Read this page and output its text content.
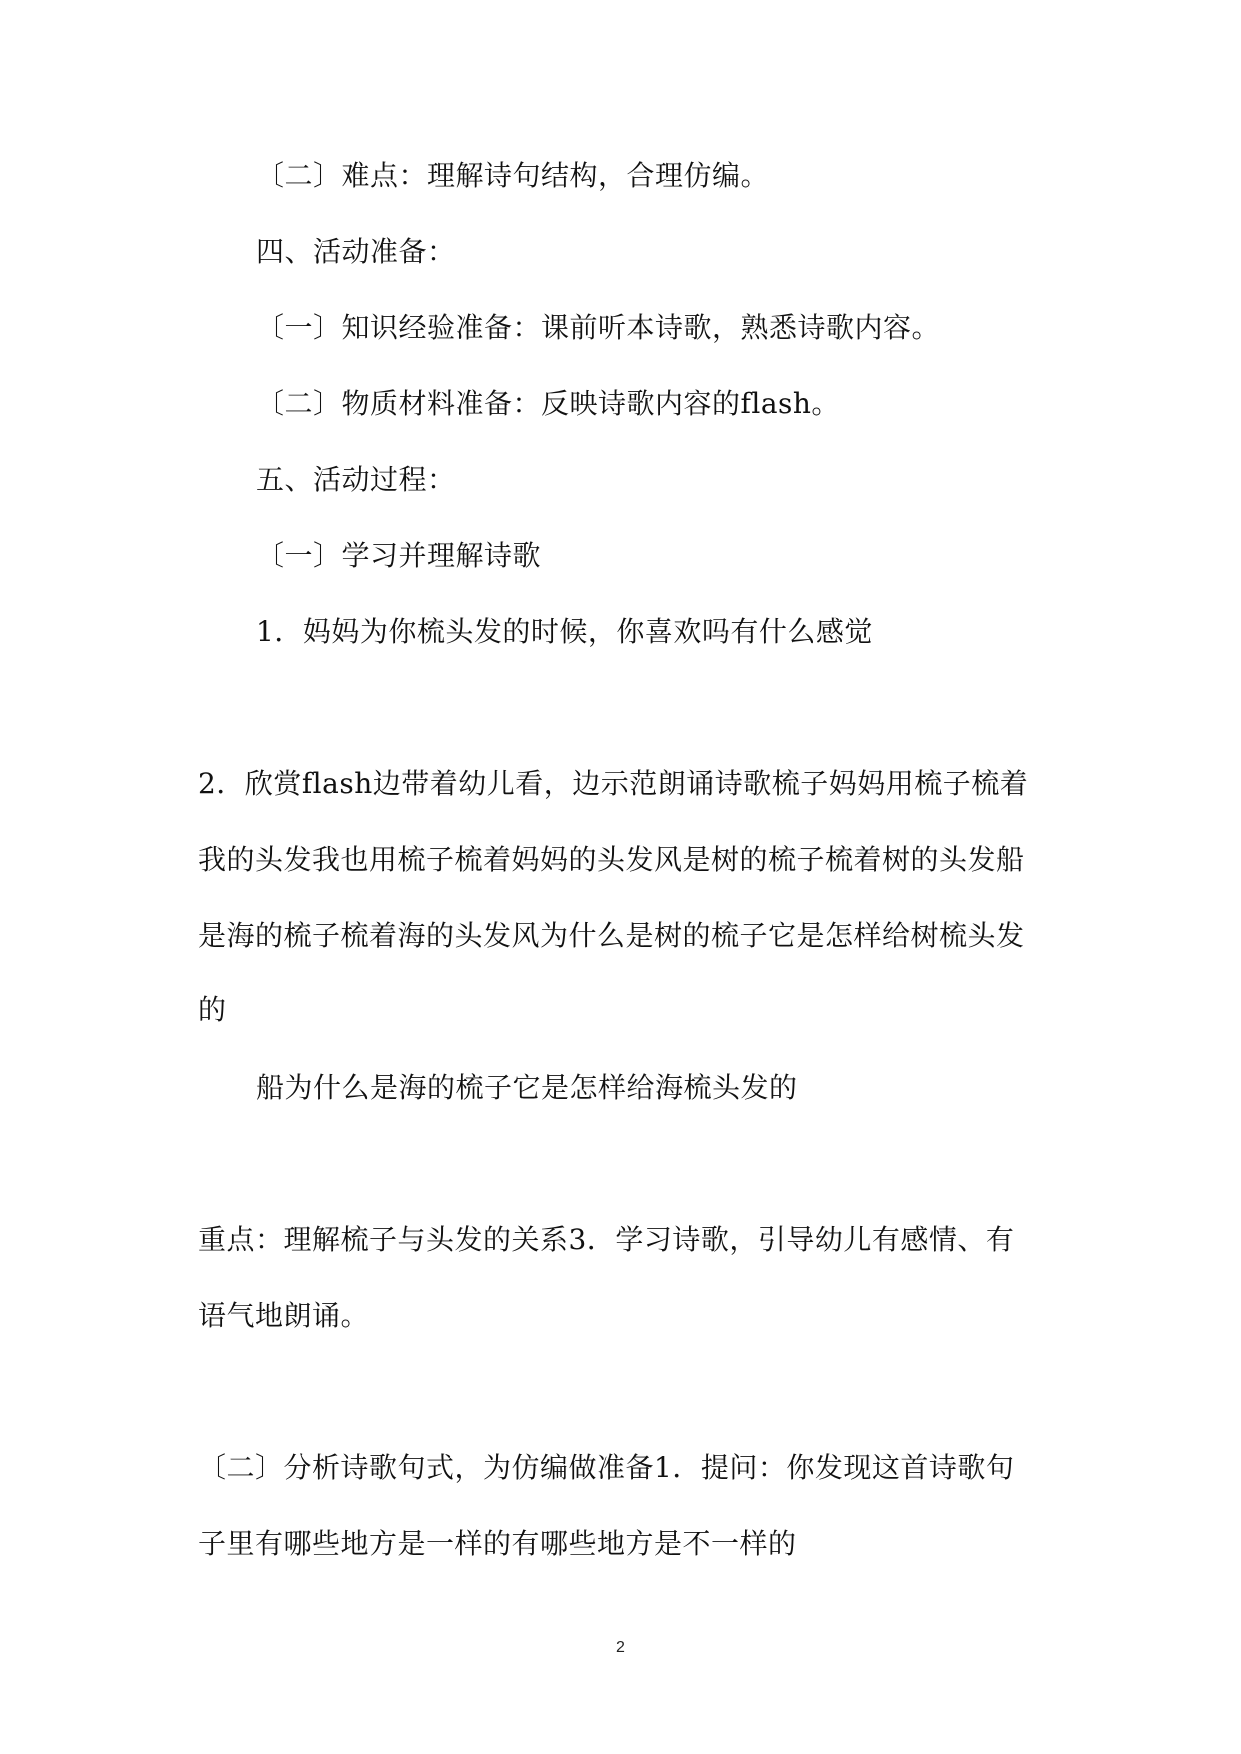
〔二〕难点：理解诗句结构，合理仿编。
四、活动准备：
〔一〕知识经验准备：课前听本诗歌，熟悉诗歌内容。
〔二〕物质材料准备：反映诗歌内容的flash。
五、活动过程：
〔一〕学习并理解诗歌
1．妈妈为你梳头发的时候，你喜欢吗有什么感觉
2．欣赏flash边带着幼儿看，边示范朗诵诗歌梳子妈妈用梳子梳着
我的头发我也用梳子梳着妈妈的头发风是树的梳子梳着树的头发船
是海的梳子梳着海的头发风为什么是树的梳子它是怎样给树梳头发
的
船为什么是海的梳子它是怎样给海梳头发的
重点：理解梳子与头发的关系3．学习诗歌，引导幼儿有感情、有
语气地朗诵。
〔二〕分析诗歌句式，为仿编做准备1．提问：你发现这首诗歌句
子里有哪些地方是一样的有哪些地方是不一样的
2
